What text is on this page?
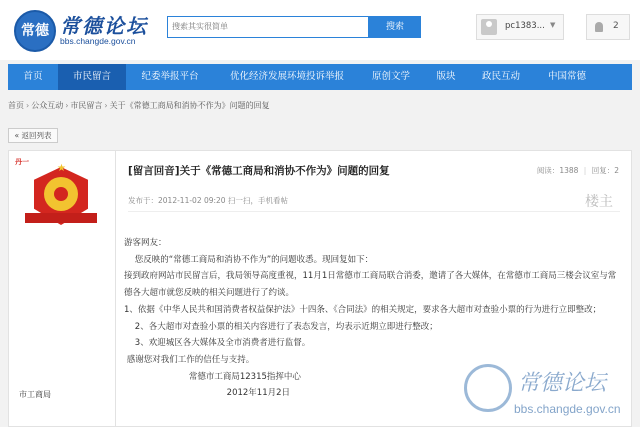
常德 常德论坛
bbs.changde.gov.cn
搜索其实很简单	搜索	pc1383... ▼	2
首页	市民留言	纪委举报平台	优化经济发展环境投诉举报	原创文学	版块	政民互动	中国常德
首页 › 公众互动 › 市民留言 › 关于《常德工商局和消协不作为》问题的回复
« 返回列表
丹一
★
市工商局
[留言回音]关于《常德工商局和消协不作为》问题的回复	阅读：1388 | 回复：2
发布于：2012-11-02 09:20 扫一扫，手机看帖	楼主
游客网友：
您反映的“常德工商局和消协不作为”的问题收悉。现回复如下：
接到政府网站市民留言后，我局领导高度重视，11月1日常德市工商局联合消委，邀请了各大媒体，在常德市工商局三楼会议室与常
德各大超市就您反映的相关问题进行了约谈。
1、依据《中华人民共和国消费者权益保护法》十四条、《合同法》的相关规定，要求各大超市对查验小票的行为进行立即整改；
2、各大超市对查验小票的相关内容进行了表态发言，均表示近期立即进行整改；
3、欢迎城区各大媒体及全市消费者进行监督。
感谢您对我们工作的信任与支持。
常德市工商局12315指挥中心
2012年11月2日	常德论坛
bbs.changde.gov.cn
